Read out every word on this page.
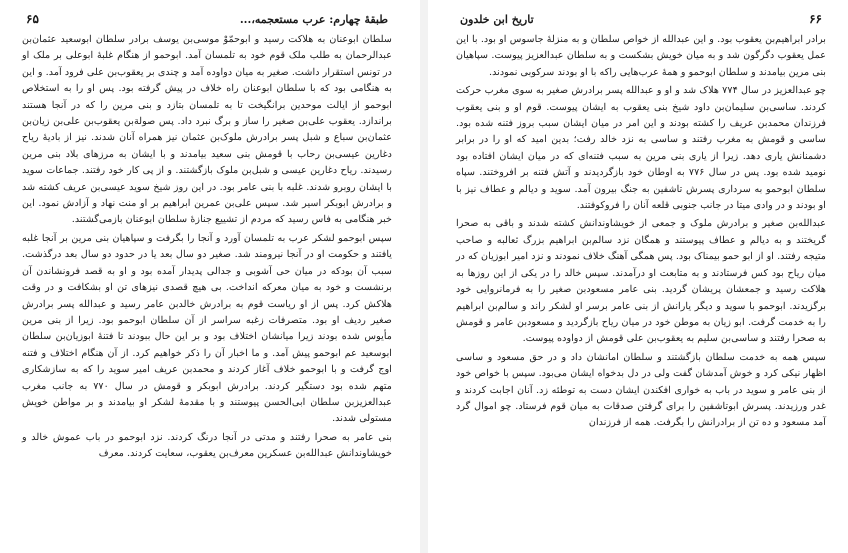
طبقهٔ چهارم: عرب مستعجمه،...
۶۵

سلطان ابوعنان به هلاکت رسید و ابوحمّوْ موسی‌بن یوسف برادر سلطان ابوسعید عثمان‌بن عبدالرحمان به طلب ملک قوم خود به تلمسان آمد. ابوحمو از هنگام غلبهٔ ابوعلی بر ملک او در تونس استقرار داشت. صغیر به میان دواوده آمد و چندی بر یعقوب‌بن علی فرود آمد. و این به هنگامی بود که با سلطان ابوعنان راه خلاف در پیش گرفته بود. پس او را به استخلاص ابوحمو از ایالت موحدین برانگیخت تا به تلمسان بتازد و بنی مرین را که در آنجا هستند براندازد. یعقوب علی‌بن صغیر را ساز و برگ نبرد داد. پس صولة‌بن یعقوب‌بن علی‌بن زیان‌بن عثمان‌بن سباع و شبل پسر برادرش ملوک‌بن عثمان نیز همراه آنان شدند. نیز از بادیهٔ ریاح دغارین عیسی‌بن رحاب با قومش بنی سعید بیامدند و با ایشان به مرزهای بلاد بنی مرین رسیدند. ریاح دغارین عیسی و شبل‌بن ملوک بازگشتند. و از پی کار خود رفتند. جماعات سوید با ایشان روبرو شدند. غلبه با بنی عامر بود. در این روز شیخ سوید عیسی‌بن عریف کشته شد و برادرش ابوبکر اسیر شد. سپس علی‌بن عمرین ابراهیم بر او منت نهاد و آزادش نمود. این خبر هنگامی به فاس رسید که مردم از تشییع جنازهٔ سلطان ابوعنان بازمی‌گشتند.

سپس ابوحمو لشکر عرب به تلمسان آورد و آنجا را بگرفت و سپاهیان بنی مرین بر آنجا غلبه یافتند و حکومت او در آنجا نیرومند شد. صغیر دو سال بعد یا در حدود دو سال بعد درگذشت. سبب آن بودکه در میان حی آشوبی و جدالی پدیدار آمده بود و او به قصد فرونشاندن آن برنشست و خود به میان معرکه انداخت. بی هیچ قصدی نیزهای تن او بشکافت و در وقت هلاکش کرد. پس از او ریاست قوم به برادرش خالدبن عامر رسید و عبدالله پسر برادرش صغیر ردیف او بود. متصرفات زغبه سراسر از آن سلطان ابوحمو بود. زیرا از بنی مرین مأیوس شده بودند زیرا میانشان اختلاف بود و بر این حال ببودند تا فتنهٔ ابوزیان‌بن سلطان ابوسعید عم ابوحمو پیش آمد. و ما اخبار آن را ذکر خواهیم کرد. از آن هنگام اختلاف و فتنه اوج گرفت و با ابوحمو خلاف آغاز کردند و محمدبن عریف امیر سوید را که به سازشکاری متهم شده بود دستگیر کردند. برادرش ابوبکر و قومش در سال ۷۷۰ به جانب مغرب عبدالعزیزبن سلطان ابی‌الحسن پیوستند و با مقدمهٔ لشکر او بیامدند و بر مواطن خویش مستولی شدند.

بنی عامر به صحرا رفتند و مدتی در آنجا درنگ کردند. نزد ابوحمو در باب عموش خالد و خویشاوندانش عبدالله‌بن عسکرین معرف‌بن یعقوب، سعایت کردند. معرف

۶۶
تاریخ ابن خلدون

برادر ابراهیم‌بن یعقوب بود. و این عبدالله از خواص سلطان و به منزلهٔ جاسوس او بود. با این عمل یعقوب دگرگون شد و به میان خویش بشکست و به سلطان عبدالعزیز پیوست. سپاهیان بنی مرین بیامدند و سلطان ابوحمو و همهٔ عرب‌هایی راکه با او بودند سرکوبی نمودند.

چو عبدالعزیز در سال ۷۷۴ هلاک شد و او و عبدالله پسر برادرش صغیر به سوی مغرب حرکت کردند. ساسی‌بن سلیمان‌بن داود شیخ بنی یعقوب به ایشان پیوست. قوم او و بنی یعقوب فرزندان محمدبن عریف را کشته بودند و این امر در میان ایشان سبب بروز فتنه شده بود. ساسی و قومش به مغرب رفتند و ساسی به نزد خالد رفت؛ بدین امید که او را در برابر دشمنانش یاری دهد. زیرا از یاری بنی مرین به سبب فتنه‌ای که در میان ایشان افتاده بود نومید شده بود. پس در سال ۷۷۶ به اوطان خود بازگردیدند و آتش فتنه بر افروختند. سپاه سلطان ابوحمو به سرداری پسرش تاشفین به جنگ بیرون آمد. سوید و دیالم و عطاف نیز با او بودند و در وادی میتا در جانب جنوبی قلعه آنان را فروکوفتند.

عبدالله‌بن صغیر و برادرش ملوک و جمعی از خویشاوندانش کشته شدند و باقی به صحرا گریختند و به دیالم و عطاف پیوستند و همگان نزد سالم‌بن ابراهیم بزرگ ثعالبه و صاحب متیجه رفتند. او از ابو حمو بیمناک بود. پس همگی آهنگ خلاف نمودند و نزد امیر ابوزیان که در میان ریاح بود کس فرستادند و به متابعت او درآمدند. سپس خالد را در یکی از این روزها به هلاکت رسید و جمعشان پریشان گردید. بنی عامر مسعودبن صغیر را به فرمانروایی خود برگزیدند. ابوحمو با سوید و دیگر یارانش از بنی عامر برسر او لشکر راند و سالم‌بن ابراهیم را به خدمت گرفت. ابو زیان به موطن خود در میان ریاح بازگردید و مسعودبن عامر و قومش به صحرا رفتند و ساسی‌بن سلیم به یعقوب‌بن علی قومش از دواوده پیوست.

سپس همه به خدمت سلطان بازگشتند و سلطان امانشان داد و در حق مسعود و ساسی اظهار نیکی کرد و خوش آمدشان گفت ولی در دل بدخواه ایشان می‌بود. سپس با خواص خود از بنی عامر و سوید در باب به خواری افکندن ایشان دست به توطئه زد. آنان اجابت کردند و غدر ورزیدند. پسرش ابوتاشفین را برای گرفتن صدقات به میان قوم فرستاد. چو اموال گرد آمد مسعود و ده تن از برادرانش را بگرفت. همه از فرزندان
